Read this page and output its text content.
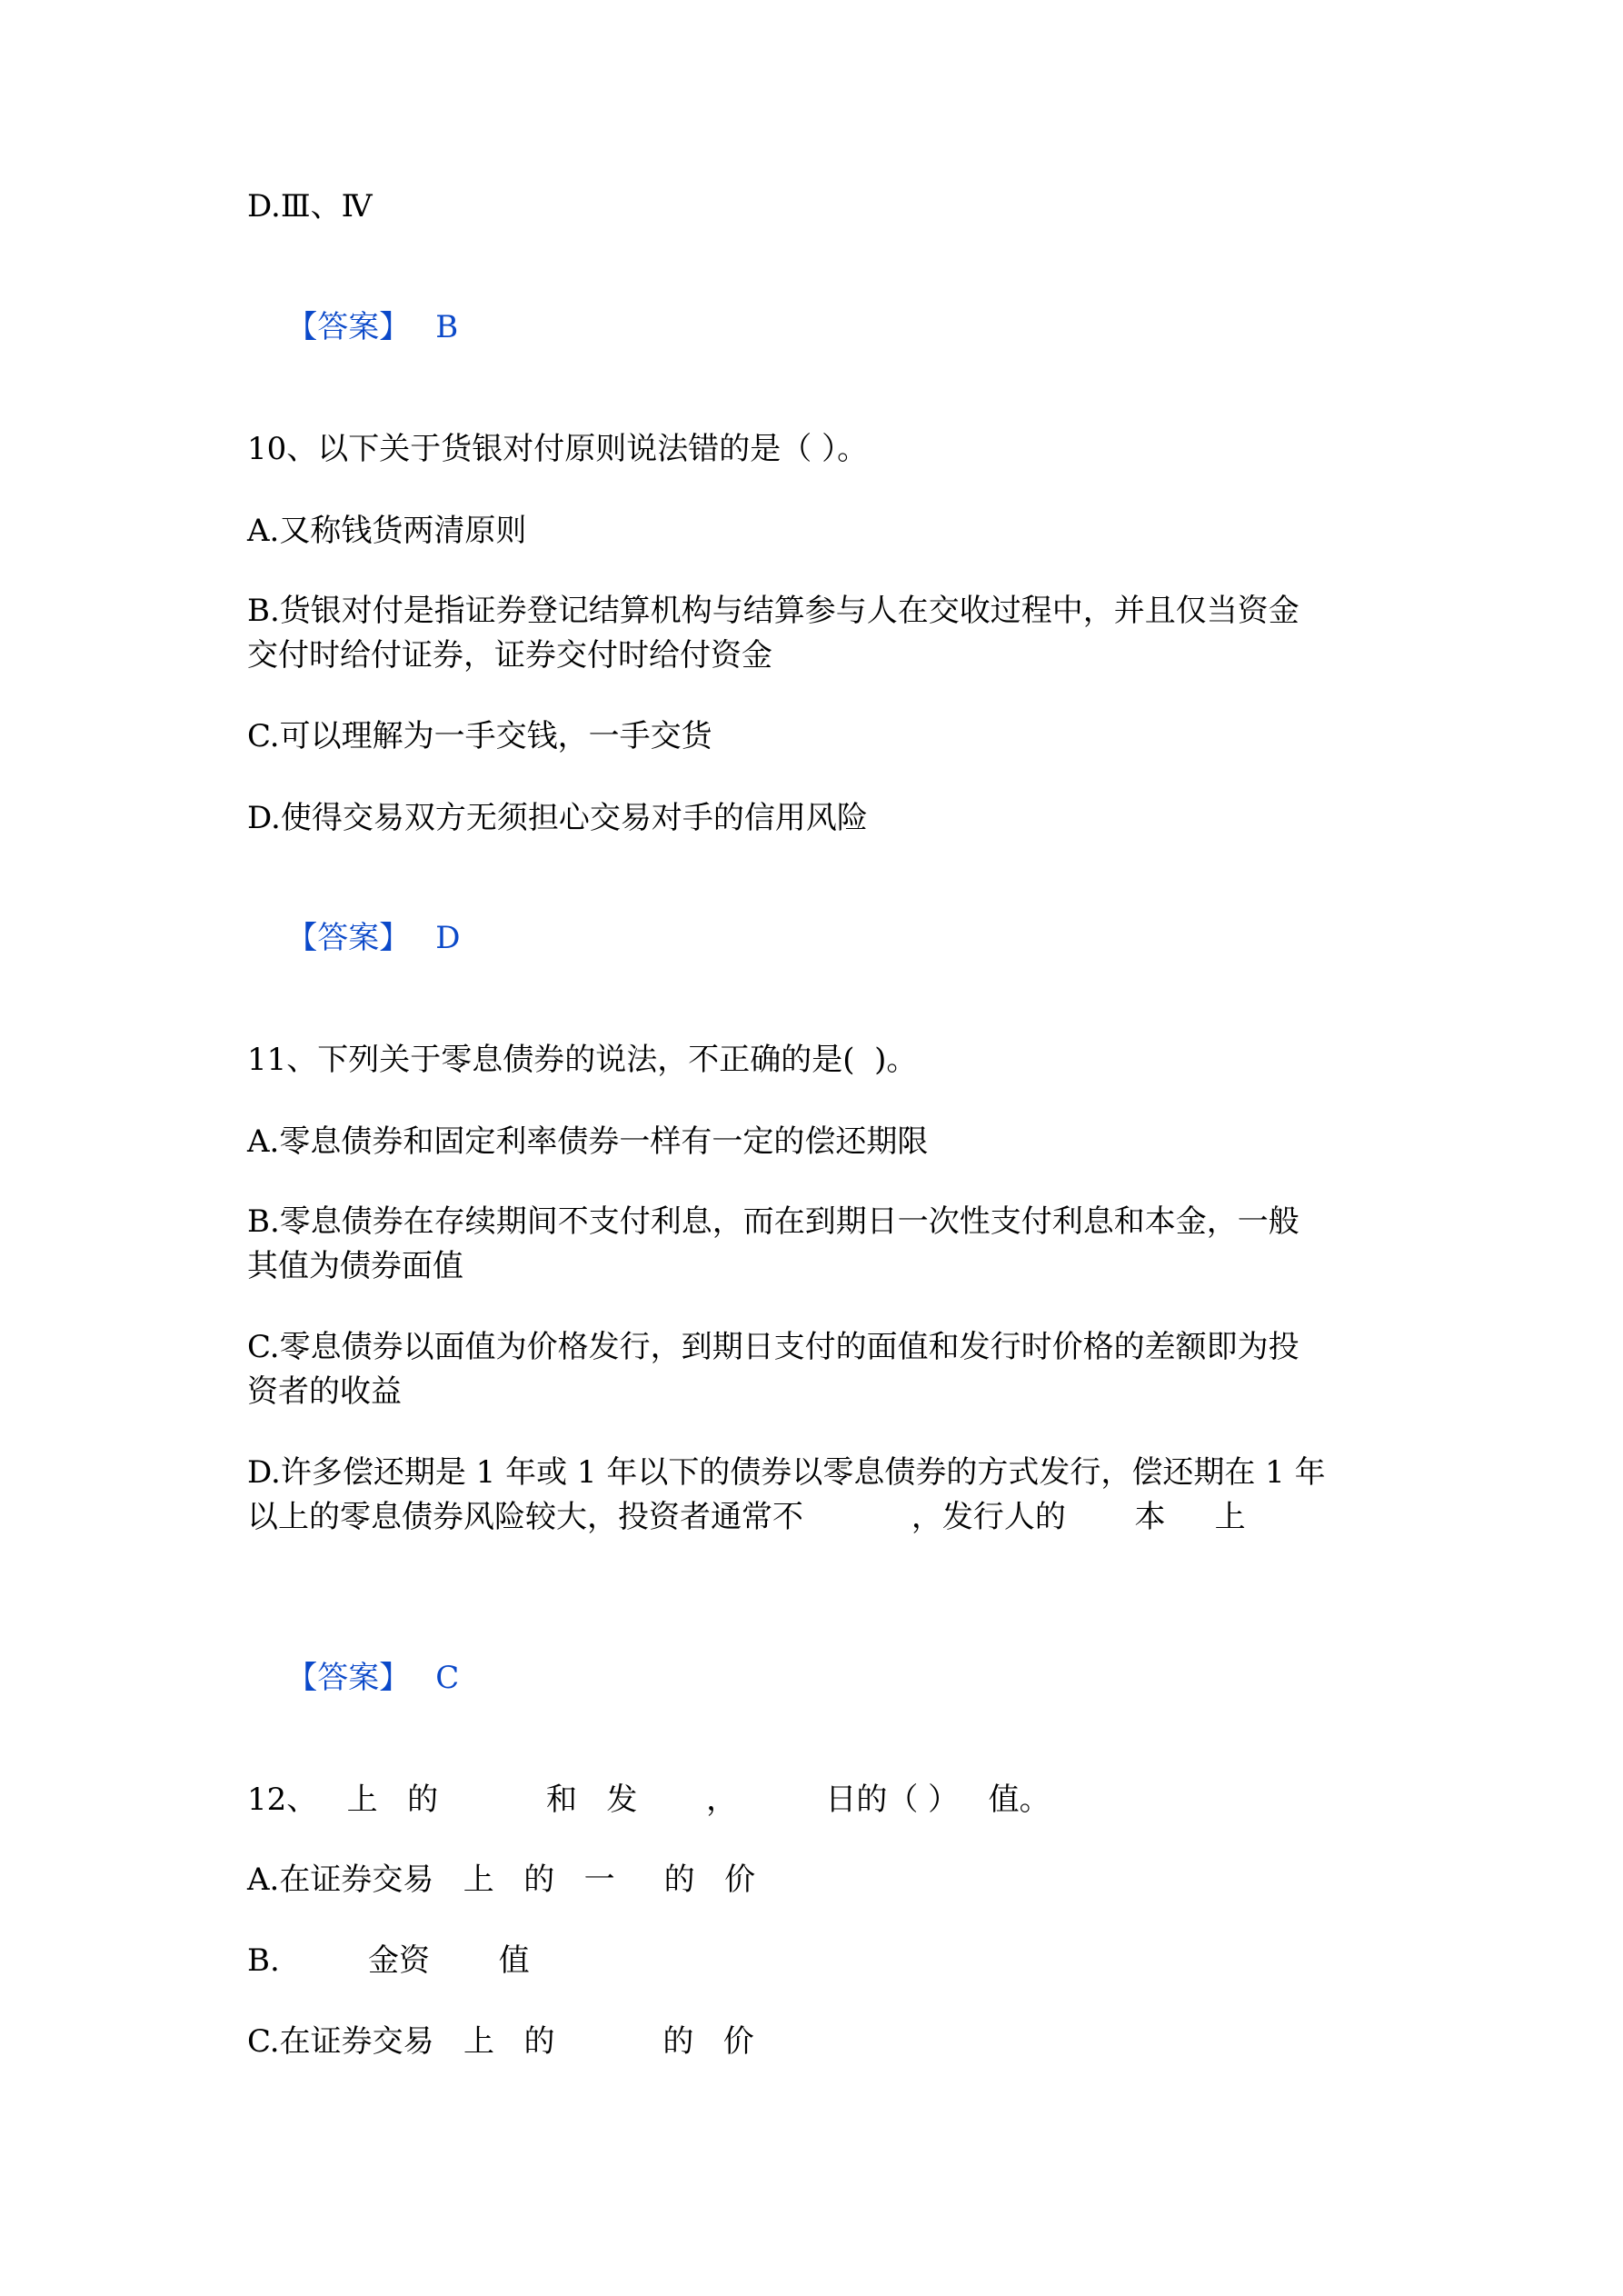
D.Ⅲ、Ⅳ

【答案】 B

10、以下关于货银对付原则说法错的是（ ）。

A.又称钱货两清原则

B.货银对付是指证券登记结算机构与结算参与人在交收过程中，并且仅当资金

交付时给付证券，证券交付时给付资金

C.可以理解为一手交钱，一手交货

D.使得交易双方无须担心交易对手的信用风险

【答案】 D

11、下列关于零息债券的说法，不正确的是(  )。

A.零息债券和固定利率债券一样有一定的偿还期限

B.零息债券在存续期间不支付利息，而在到期日一次性支付利息和本金，一般

其值为债券面值

C.零息债券以面值为价格发行，到期日支付的面值和发行时价格的差额即为投

资者的收益

D.许多偿还期是 1 年或 1 年以下的债券以零息债券的方式发行，偿还期在 1 年

以上的零息债券风险较大，投资者通常不           ，发行人的       本     上

【答案】 C

12、   上   的           和   发       ，         日的（ ）   值。

A.在证券交易   上   的   一     的   价

B.         金资       值

C.在证券交易   上   的           的   价
